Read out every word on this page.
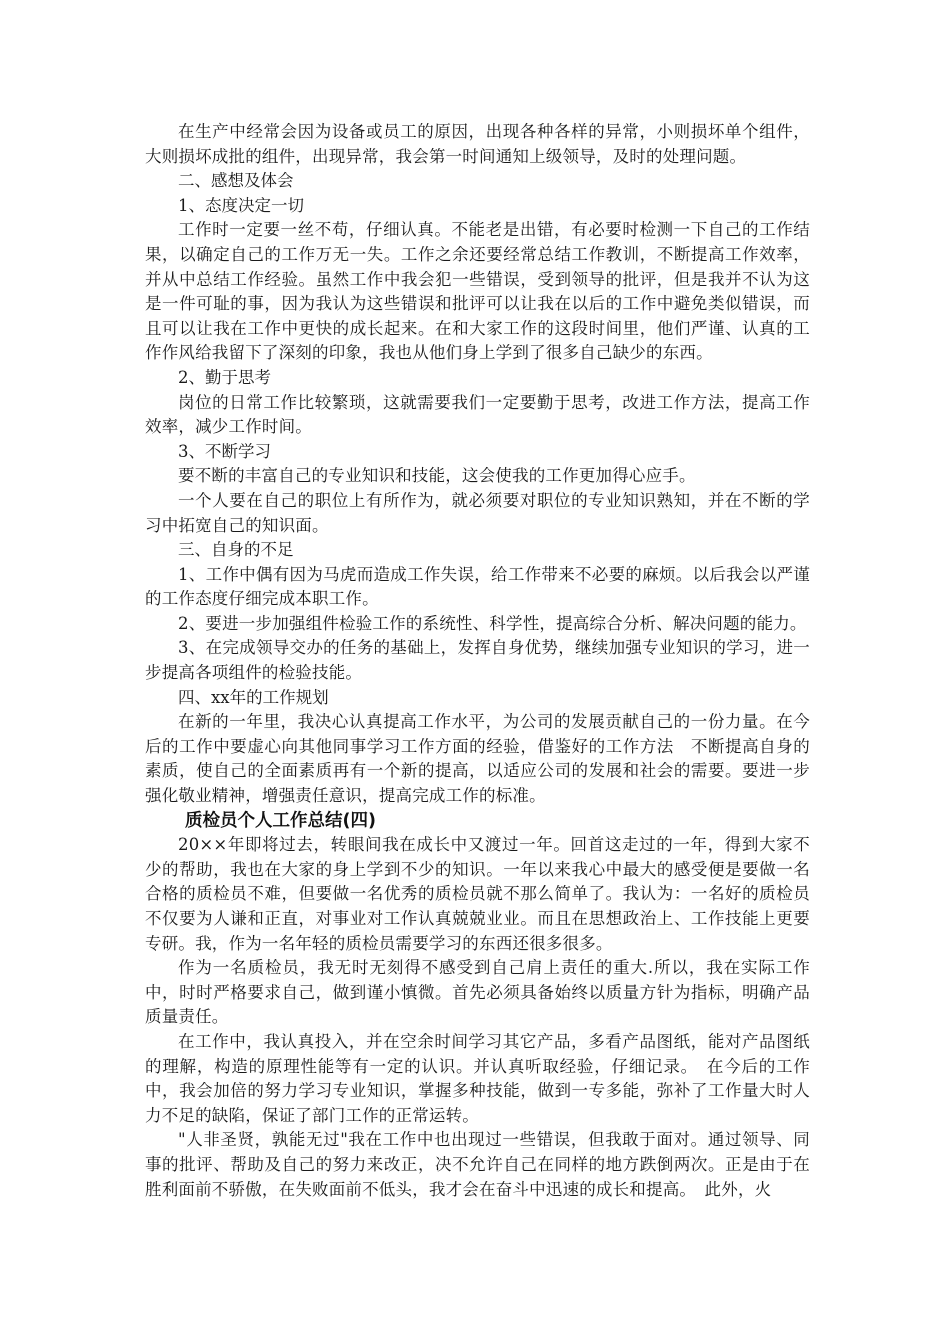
在生产中经常会因为设备或员工的原因，出现各种各样的异常，小则损坏单个组件，大则损坏成批的组件，出现异常，我会第一时间通知上级领导，及时的处理问题。

二、感想及体会

1、态度决定一切

工作时一定要一丝不苟，仔细认真。不能老是出错，有必要时检测一下自己的工作结果，以确定自己的工作万无一失。工作之余还要经常总结工作教训，不断提高工作效率，并从中总结工作经验。虽然工作中我会犯一些错误，受到领导的批评，但是我并不认为这是一件可耻的事，因为我认为这些错误和批评可以让我在以后的工作中避免类似错误，而且可以让我在工作中更快的成长起来。在和大家工作的这段时间里，他们严谨、认真的工作作风给我留下了深刻的印象，我也从他们身上学到了很多自己缺少的东西。

2、勤于思考

岗位的日常工作比较繁琐，这就需要我们一定要勤于思考，改进工作方法，提高工作效率，减少工作时间。

3、不断学习

要不断的丰富自己的专业知识和技能，这会使我的工作更加得心应手。

一个人要在自己的职位上有所作为，就必须要对职位的专业知识熟知，并在不断的学习中拓宽自己的知识面。

三、自身的不足

1、工作中偶有因为马虎而造成工作失误，给工作带来不必要的麻烦。以后我会以严谨的工作态度仔细完成本职工作。

2、要进一步加强组件检验工作的系统性、科学性，提高综合分析、解决问题的能力。

3、在完成领导交办的任务的基础上，发挥自身优势，继续加强专业知识的学习，进一步提高各项组件的检验技能。

四、xx年的工作规划

在新的一年里，我决心认真提高工作水平，为公司的发展贡献自己的一份力量。在今后的工作中要虚心向其他同事学习工作方面的经验，借鉴好的工作方法　不断提高自身的素质，使自己的全面素质再有一个新的提高，以适应公司的发展和社会的需要。要进一步强化敬业精神，增强责任意识，提高完成工作的标准。

质检员个人工作总结(四)

20××年即将过去，转眼间我在成长中又渡过一年。回首这走过的一年，得到大家不少的帮助，我也在大家的身上学到不少的知识。一年以来我心中最大的感受便是要做一名合格的质检员不难，但要做一名优秀的质检员就不那么简单了。我认为：一名好的质检员不仅要为人谦和正直，对事业对工作认真兢兢业业。而且在思想政治上、工作技能上更要专研。我，作为一名年轻的质检员需要学习的东西还很多很多。

作为一名质检员，我无时无刻得不感受到自己肩上责任的重大.所以，我在实际工作中，时时严格要求自己，做到谨小慎微。首先必须具备始终以质量方针为指标，明确产品质量责任。

在工作中，我认真投入，并在空余时间学习其它产品，多看产品图纸，能对产品图纸的理解，构造的原理性能等有一定的认识。并认真听取经验，仔细记录。　在今后的工作中，我会加倍的努力学习专业知识，掌握多种技能，做到一专多能，弥补了工作量大时人力不足的缺陷，保证了部门工作的正常运转。

"人非圣贤，孰能无过"我在工作中也出现过一些错误，但我敢于面对。通过领导、同事的批评、帮助及自己的努力来改正，决不允许自己在同样的地方跌倒两次。正是由于在胜利面前不骄傲，在失败面前不低头，我才会在奋斗中迅速的成长和提高。　此外，火
